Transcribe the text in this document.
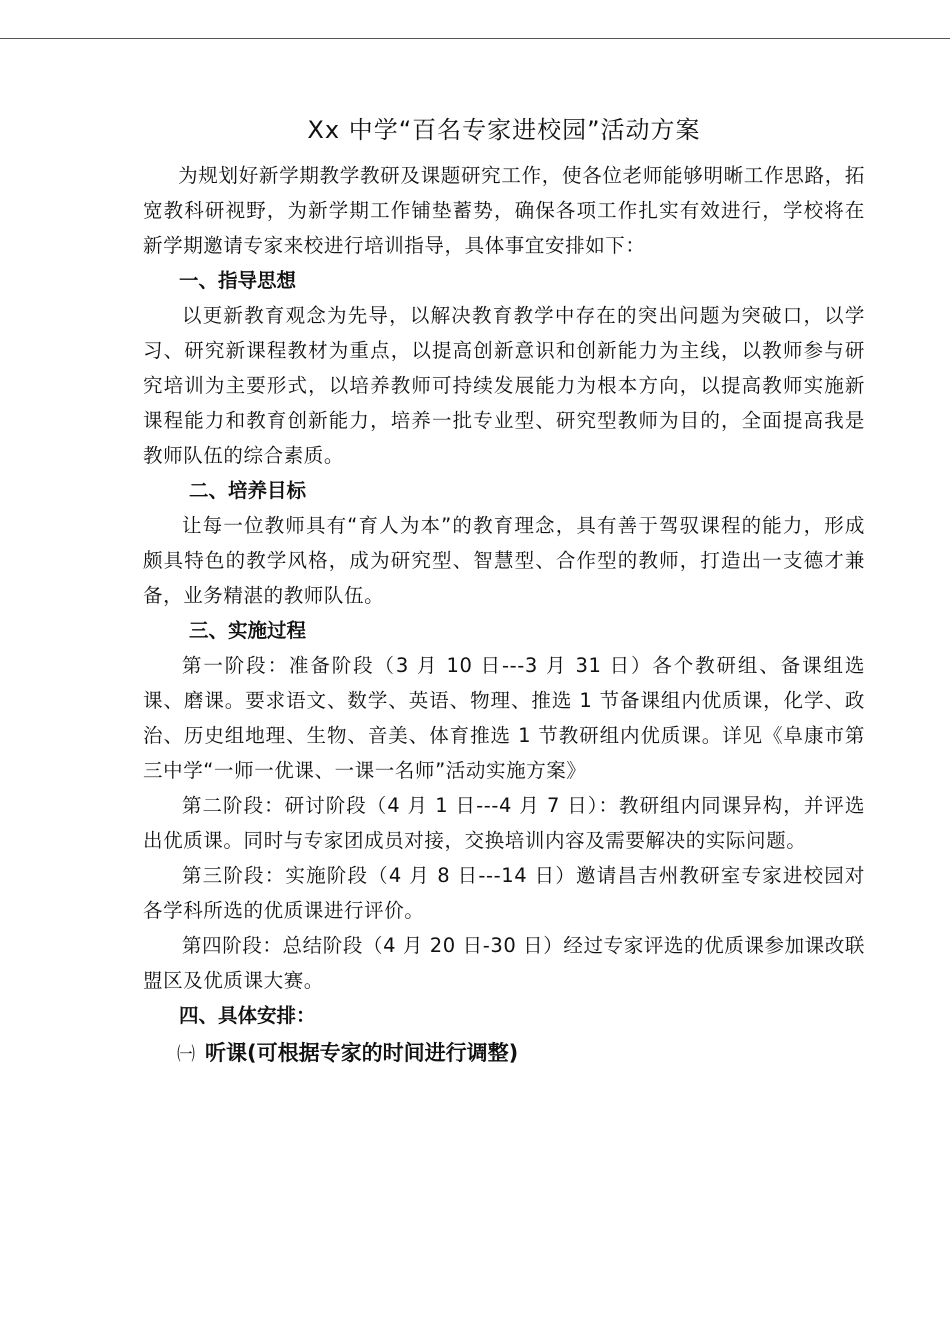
Xx 中学“百名专家进校园”活动方案

为规划好新学期教学教研及课题研究工作，使各位老师能够明晰工作思路，拓宽教科研视野，为新学期工作铺垫蓄势，确保各项工作扎实有效进行，学校将在新学期邀请专家来校进行培训指导，具体事宜安排如下：

一、指导思想

以更新教育观念为先导，以解决教育教学中存在的突出问题为突破口，以学习、研究新课程教材为重点，以提高创新意识和创新能力为主线，以教师参与研究培训为主要形式，以培养教师可持续发展能力为根本方向，以提高教师实施新课程能力和教育创新能力，培养一批专业型、研究型教师为目的，全面提高我是教师队伍的综合素质。

二、培养目标

让每一位教师具有“育人为本”的教育理念，具有善于驾驭课程的能力，形成颇具特色的教学风格，成为研究型、智慧型、合作型的教师，打造出一支德才兼备，业务精湛的教师队伍。

三、实施过程

第一阶段：准备阶段（3 月 10 日---3 月 31 日）各个教研组、备课组选课、磨课。要求语文、数学、英语、物理、推选 1 节备课组内优质课，化学、政治、历史组地理、生物、音美、体育推选 1 节教研组内优质课。详见《阜康市第三中学“一师一优课、一课一名师”活动实施方案》

第二阶段：研讨阶段（4 月 1 日---4 月 7 日）：教研组内同课异构，并评选出优质课。同时与专家团成员对接，交换培训内容及需要解决的实际问题。

第三阶段：实施阶段（4 月 8 日---14 日）邀请昌吉州教研室专家进校园对各学科所选的优质课进行评价。

第四阶段：总结阶段（4 月 20 日-30 日）经过专家评选的优质课参加课改联盟区及优质课大赛。

四、具体安排：

㈠ 听课(可根据专家的时间进行调整)
